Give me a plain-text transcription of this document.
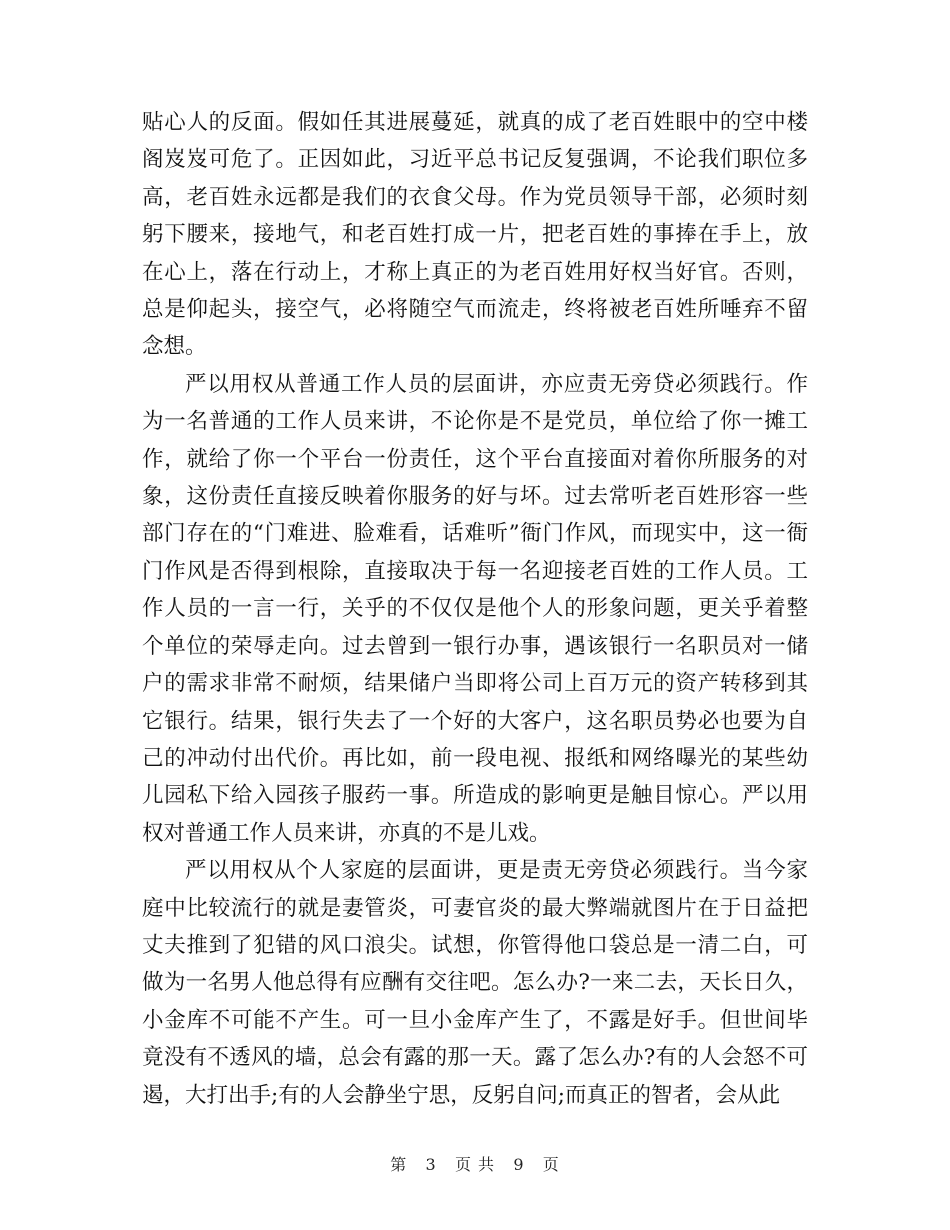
贴心人的反面。假如任其进展蔓延，就真的成了老百姓眼中的空中楼阁岌岌可危了。正因如此，习近平总书记反复强调，不论我们职位多高，老百姓永远都是我们的衣食父母。作为党员领导干部，必须时刻躬下腰来，接地气，和老百姓打成一片，把老百姓的事捧在手上，放在心上，落在行动上，才称上真正的为老百姓用好权当好官。否则，总是仰起头，接空气，必将随空气而流走，终将被老百姓所唾弃不留念想。

严以用权从普通工作人员的层面讲，亦应责无旁贷必须践行。作为一名普通的工作人员来讲，不论你是不是党员，单位给了你一摊工作，就给了你一个平台一份责任，这个平台直接面对着你所服务的对象，这份责任直接反映着你服务的好与坏。过去常听老百姓形容一些部门存在的“门难进、脸难看，话难听”衙门作风，而现实中，这一衙门作风是否得到根除，直接取决于每一名迎接老百姓的工作人员。工作人员的一言一行，关乎的不仅仅是他个人的形象问题，更关乎着整个单位的荣辱走向。过去曾到一银行办事，遇该银行一名职员对一储户的需求非常不耐烦，结果储户当即将公司上百万元的资产转移到其它银行。结果，银行失去了一个好的大客户，这名职员势必也要为自己的冲动付出代价。再比如，前一段电视、报纸和网络曝光的某些幼儿园私下给入园孩子服药一事。所造成的影响更是触目惊心。严以用权对普通工作人员来讲，亦真的不是儿戏。

严以用权从个人家庭的层面讲，更是责无旁贷必须践行。当今家庭中比较流行的就是妻管炎，可妻官炎的最大弊端就图片在于日益把丈夫推到了犯错的风口浪尖。试想，你管得他口袋总是一清二白，可做为一名男人他总得有应酬有交往吧。怎么办?一来二去，天长日久，小金库不可能不产生。可一旦小金库产生了，不露是好手。但世间毕竟没有不透风的墙，总会有露的那一天。露了怎么办?有的人会怒不可遏，大打出手;有的人会静坐宁思，反躬自问;而真正的智者，会从此

第 3 页 共 9 页
